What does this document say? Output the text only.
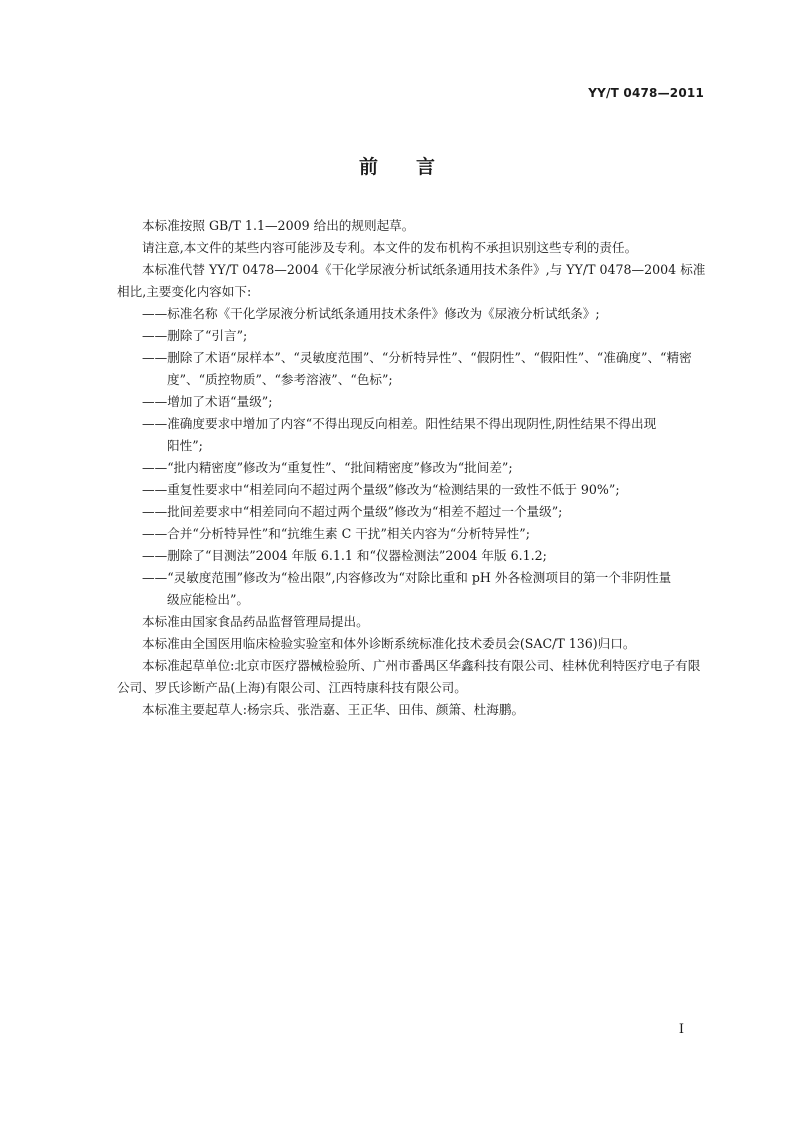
YY/T 0478—2011
前言

本标准按照 GB/T 1.1—2009 给出的规则起草。

请注意,本文件的某些内容可能涉及专利。本文件的发布机构不承担识别这些专利的责任。

本标准代替 YY/T 0478—2004《干化学尿液分析试纸条通用技术条件》,与 YY/T 0478—2004 标准相比,主要变化内容如下:

——标准名称《干化学尿液分析试纸条通用技术条件》修改为《尿液分析试纸条》;
——删除了“引言”;
——删除了术语“尿样本”、“灵敏度范围”、“分析特异性”、“假阴性”、“假阳性”、“准确度”、“精密
度”、“质控物质”、“参考溶液”、“色标”;
——增加了术语“量级”;
——准确度要求中增加了内容“不得出现反向相差。阳性结果不得出现阴性,阴性结果不得出现
阳性”;
——“批内精密度”修改为“重复性”、“批间精密度”修改为“批间差”;
——重复性要求中“相差同向不超过两个量级”修改为“检测结果的一致性不低于 90%”;
——批间差要求中“相差同向不超过两个量级”修改为“相差不超过一个量级”;
——合并“分析特异性”和“抗维生素 C 干扰”相关内容为“分析特异性”;
——删除了“目测法”2004 年版 6.1.1 和“仪器检测法”2004 年版 6.1.2;
——“灵敏度范围”修改为“检出限”,内容修改为“对除比重和 pH 外各检测项目的第一个非阴性量
级应能检出”。

本标准由国家食品药品监督管理局提出。

本标准由全国医用临床检验实验室和体外诊断系统标准化技术委员会(SAC/T 136)归口。

本标准起草单位:北京市医疗器械检验所、广州市番禺区华鑫科技有限公司、桂林优利特医疗电子有限公司、罗氏诊断产品(上海)有限公司、江西特康科技有限公司。

本标准主要起草人:杨宗兵、张浩嘉、王正华、田伟、颜箫、杜海鹏。

I
